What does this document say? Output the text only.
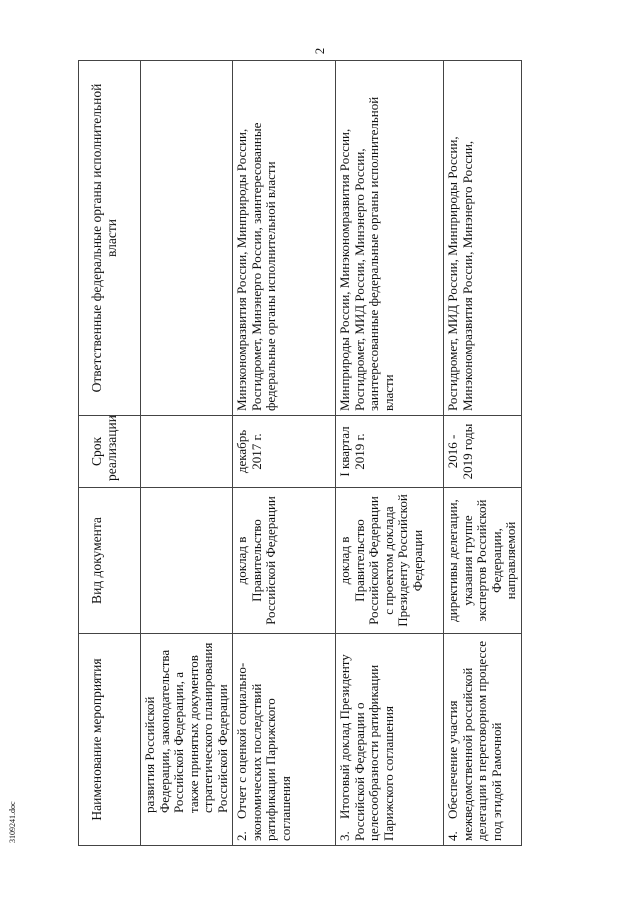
2
3109241.doc
Наименование мероприятия	Вид документа	Срок реализации	Ответственные федеральные органы исполнительной власти

развития Российской Федерации, законодательства Российской Федерации, а также принятых документов стратегического планирования Российской Федерации			

2.Отчет с оценкой социально-экономических последствий ратификации Парижского соглашения	доклад в Правительство Российской Федерации	декабрь 2017 г.	Минэкономразвития России, Минприроды России, Росгидромет, Минэнерго России, заинтересованные федеральные органы исполнительной власти
3.Итоговый доклад Президенту Российской Федерации о целесообразности ратификации Парижского соглашения	доклад в Правительство Российской Федерации с проектом доклада Президенту Российской Федерации	I квартал 2019 г.	Минприроды России, Минэкономразвития России, Росгидромет, МИД России, Минэнерго России, заинтересованные федеральные органы исполнительной власти
4.Обеспечение участия межведомственной российской делегации в переговорном процессе под эгидой Рамочной	директивы делегации, указания группе экспертов Российской Федерации, направляемой	2016 - 2019 годы	Росгидромет, МИД России, Минприроды России, Минэкономразвития России, Минэнерго России,
